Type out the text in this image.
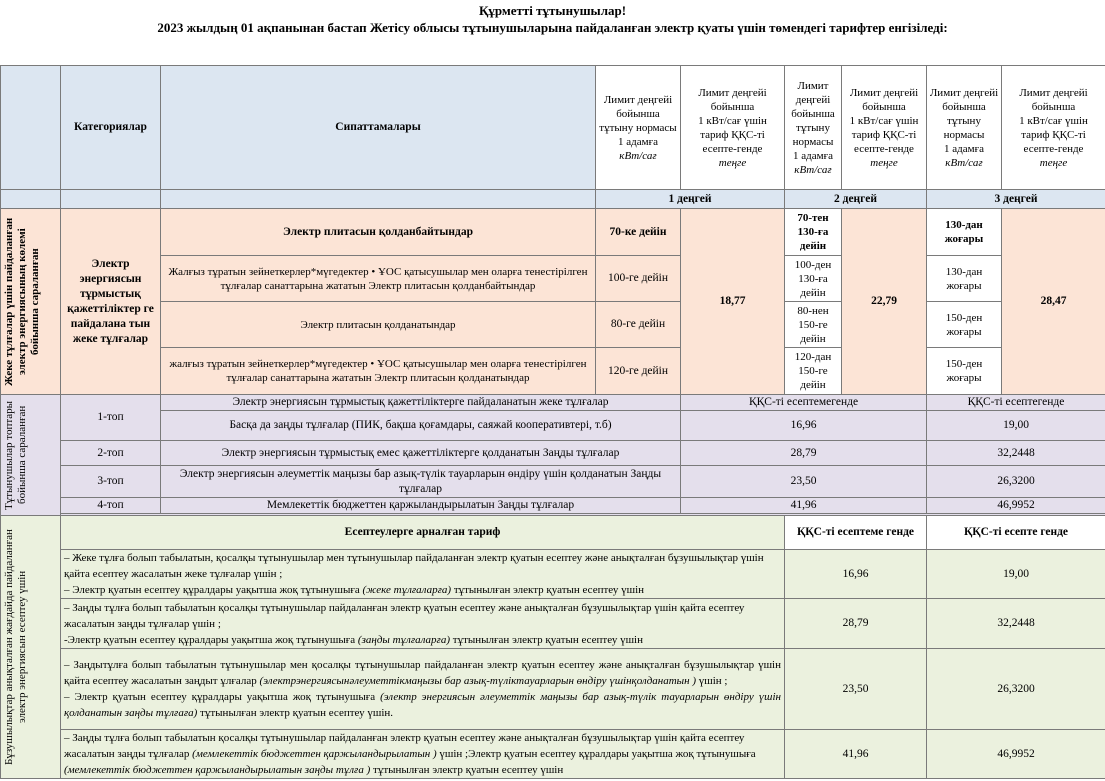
Құрметті тұтынушылар!
2023 жылдың 01 ақпанынан бастап Жетісу облысы тұтынушыларына пайдаланған электр қуаты үшін төмендегі тарифтер енгізіледі:
	Категориялар	Сипаттамалары	Лимит деңгейі бойынша тұтыну нормасы
1 адамға
кВт/сағ	Лимит деңгейі бойынша
1 кВт/сағ үшін
тариф ҚҚС-ті есепте-генде
теңге	Лимит деңгейі бойынша тұтыну нормасы
1 адамға
кВт/сағ	Лимит деңгейі бойынша
1 кВт/сағ үшін
тариф ҚҚС-ті есепте-генде
теңге	Лимит деңгейі бойынша тұтыну нормасы
1 адамға
кВт/сағ	Лимит деңгейі бойынша
1 кВт/сағ үшін
тариф ҚҚС-ті есепте-генде
теңге
			1 деңгей		2 деңгей		3 деңгей	

Жеке тұлғалар үшін пайдаланған электр энергиясының көлемі бойынша сараланған	Электр энергиясын тұрмыстық қажеттіліктер ге пайдалана тын жеке тұлғалар	Электр плитасын қолданбайтындар	70-ке дейін	18,77	70-тен 130-ға дейін	22,79	130-дан жоғары	28,47
		Жалғыз тұратын зейнеткерлер*мүгедектер • ҰОС қатысушылар мен оларға тенестірілген тұлғалар санаттарына жататын Электр плитасын қолданбайтындар	100-ге дейін		100-ден 130-ға дейін		130-дан жоғары	
		Электр плитасын қолданатындар	80-ге дейін		80-нен 150-ге дейін		150-ден жоғары	
		жалғыз тұратын зейнеткерлер*мүгедектер • ҰОС қатысушылар мен оларға тенестірілген тұлғалар санаттарына жататын Электр плитасын қолданатындар	120-ге дейін		120-дан 150-ге дейін		150-ден жоғары	

Тұтынушылар топтары бойынша сараланған	1-топ	Электр энергиясын тұрмыстық қажеттіліктерге пайдаланатын жеке тұлғалар		ҚҚС-ті есептемегенде			ҚҚС-ті есептегенде	
		Басқа да заңды тұлғалар (ПИК, бақша қоғамдары, саяжай кооперативтері, т.б)		16,96			19,00	
	2-топ	Электр энергиясын тұрмыстық емес қажеттіліктерге қолданатын Заңды тұлғалар		28,79			32,2448	
	3-топ	Электр энергиясын әлеуметтік маңызы бар азық-түлік тауарларын өндіру үшін қолданатын Заңды тұлғалар		23,50			26,3200	
	4-топ	Мемлекеттік бюджеттен қаржыландырылатын Заңды тұлғалар		41,96			46,9952	

Бұзушылықтар анықталған жағдайда пайдаланған электр энергиясын есептеу үшін	Есептеулерге арналған тариф				ҚҚС-ті есептеме генде		ҚҚС-ті есепте генде	

	– Жеке тұлға болып табылатын, қосалқы тұтынушылар мен тұтынушылар пайдаланған электр қуатын есептеу және анықталған бұзушылықтар үшін қайта есептеу жасалатын жеке тұлғалар үшін ;
– Электр қуатын есептеу құралдары уақытша жоқ тұтынушыға (жеке тұлғаларға) тұтынылған электр қуатын есептеу үшін				16,96		19,00	

	– Заңды тұлға болып табылатын қосалқы тұтынушылар пайдаланған электр қуатын есептеу және анықталған бұзушылықтар үшін қайта есептеу жасалатын заңды тұлғалар үшін ;
-Электр қуатын есептеу құралдары уақытша жоқ тұтынушыға (заңды тұлғаларға) тұтынылған электр қуатын есептеу үшін				28,79		32,2448	

	– Заңдытұлға болып табылатын тұтынушылар мен қосалқы тұтынушылар пайдаланған электр қуатын есептеу және анықталған бұзушылықтар үшін қайта есептеу жасалатын заңдыт ұлғалар (электрэнергиясынәлеуметтікмаңызы бар азық-түліктауарларын өндіру үшінқолданатын ) үшін ;
– Электр қуатын есептеу құралдары уақытша жоқ тұтынушыға (электр энергиясын әлеуметтік маңызы бар азық-түлік тауарларын өндіру үшін қолданатын заңды тұлғаға) тұтынылған электр қуатын есептеу үшін.				23,50		26,3200	

	– Заңды тұлға болып табылатын қосалқы тұтынушылар пайдаланған электр қуатын есептеу және анықталған бұзушылықтар үшін қайта есептеу жасалатын заңды тұлғалар (мемлекеттік бюджеттен қаржыландырылатын ) үшін ;Электр қуатын есептеу құралдары уақытша жоқ тұтынушыға (мемлекеттік бюджеттен қаржыландырылатын заңды тұлға ) тұтынылған электр қуатын есептеу үшін				41,96		46,9952	
